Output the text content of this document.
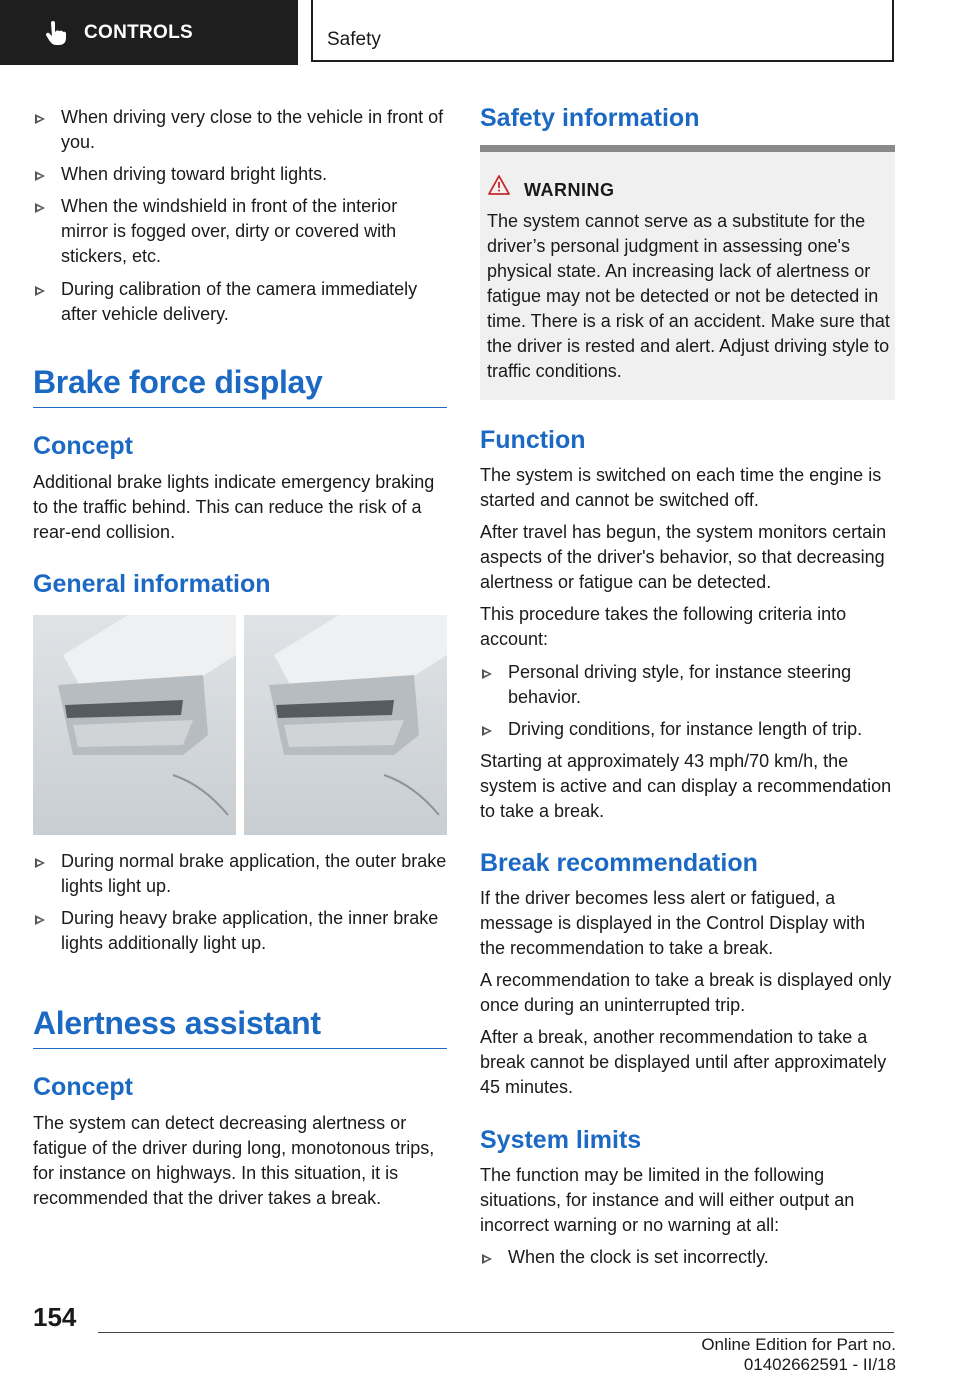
CONTROLS	Safety
When driving very close to the vehicle in front of you.
When driving toward bright lights.
When the windshield in front of the interior mirror is fogged over, dirty or covered with stickers, etc.
During calibration of the camera immediately after vehicle delivery.
Brake force display
Concept
Additional brake lights indicate emergency braking to the traffic behind. This can reduce the risk of a rear-end collision.
General information
During normal brake application, the outer brake lights light up.
During heavy brake application, the inner brake lights additionally light up.
Alertness assistant
Concept
The system can detect decreasing alertness or fatigue of the driver during long, monotonous trips, for instance on highways. In this situation, it is recommended that the driver takes a break.
Safety information
Function
The system is switched on each time the engine is started and cannot be switched off.
After travel has begun, the system monitors certain aspects of the driver's behavior, so that decreasing alertness or fatigue can be detected.
This procedure takes the following criteria into account:
Personal driving style, for instance steering behavior.
Driving conditions, for instance length of trip.
Starting at approximately 43 mph/70 km/h, the system is active and can display a recommendation to take a break.
Break recommendation
If the driver becomes less alert or fatigued, a message is displayed in the Control Display with the recommendation to take a break.
A recommendation to take a break is displayed only once during an uninterrupted trip.
After a break, another recommendation to take a break cannot be displayed until after approximately 45 minutes.
System limits
The function may be limited in the following situations, for instance and will either output an incorrect warning or no warning at all:
When the clock is set incorrectly.
WARNING
The system cannot serve as a substitute for the driver’s personal judgment in assessing one's physical state. An increasing lack of alertness or fatigue may not be detected or not be detected in time. There is a risk of an accident. Make sure that the driver is rested and alert. Adjust driving style to traffic conditions.
154
Online Edition for Part no. 01402662591 - II/18
